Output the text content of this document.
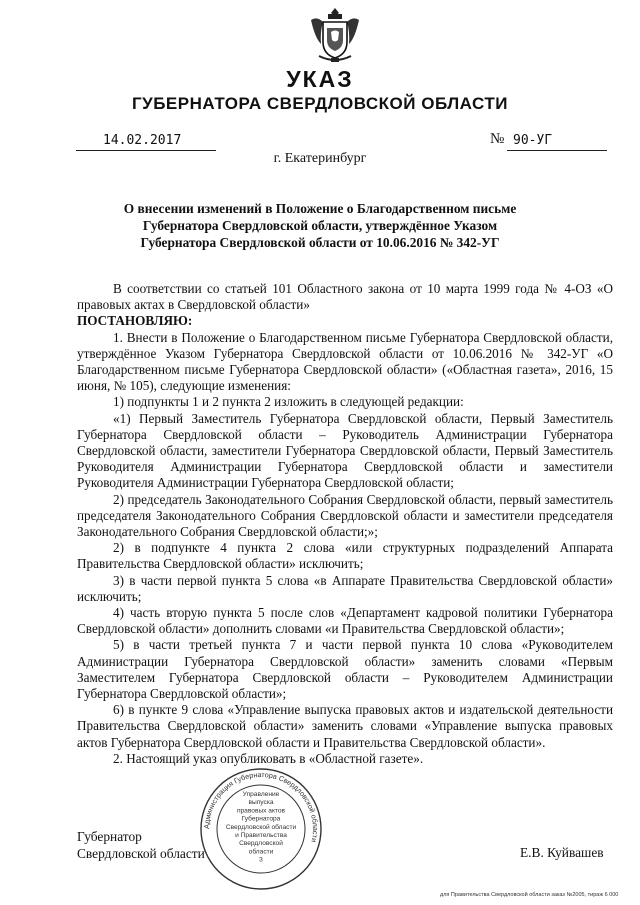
УКАЗ
ГУБЕРНАТОРА СВЕРДЛОВСКОЙ ОБЛАСТИ
14.02.2017	№ 90-УГ
г. Екатеринбург
О внесении изменений в Положение о Благодарственном письме
Губернатора Свердловской области, утверждённое Указом
Губернатора Свердловской области от 10.06.2016 № 342-УГ

В соответствии со статьей 101 Областного закона от 10 марта 1999 года № 4-ОЗ «О правовых актах в Свердловской области»

ПОСТАНОВЛЯЮ:

1. Внести в Положение о Благодарственном письме Губернатора Свердловской области, утверждённое Указом Губернатора Свердловской области от 10.06.2016 № 342-УГ «О Благодарственном письме Губернатора Свердловской области» («Областная газета», 2016, 15 июня, № 105), следующие изменения:

1) подпункты 1 и 2 пункта 2 изложить в следующей редакции:

«1) Первый Заместитель Губернатора Свердловской области, Первый Заместитель Губернатора Свердловской области – Руководитель Администрации Губернатора Свердловской области, заместители Губернатора Свердловской области, Первый Заместитель Руководителя Администрации Губернатора Свердловской области и заместители Руководителя Администрации Губернатора Свердловской области;

2) председатель Законодательного Собрания Свердловской области, первый заместитель председателя Законодательного Собрания Свердловской области и заместители председателя Законодательного Собрания Свердловской области;»;

2) в подпункте 4 пункта 2 слова «или структурных подразделений Аппарата Правительства Свердловской области» исключить;

3) в части первой пункта 5 слова «в Аппарате Правительства Свердловской области» исключить;

4) часть вторую пункта 5 после слов «Департамент кадровой политики Губернатора Свердловской области» дополнить словами «и Правительства Свердловской области»;

5) в части третьей пункта 7 и части первой пункта 10 слова «Руководителем Администрации Губернатора Свердловской области» заменить словами «Первым Заместителем Губернатора Свердловской области – Руководителем Администрации Губернатора Свердловской области»;

6) в пункте 9 слова «Управление выпуска правовых актов и издательской деятельности Правительства Свердловской области» заменить словами «Управление выпуска правовых актов Губернатора Свердловской области и Правительства Свердловской области».

2. Настоящий указ опубликовать в «Областной газете».

Губернатор
Свердловской области	Е.В. Куйвашев
Администрация Губернатора Свердловской области
Управление
выпуска
правовых актов
Губернатора
Свердловской области
и Правительства
Свердловской
области
3
для Правительства Свердловской области заказ №2005, тираж 6 000
